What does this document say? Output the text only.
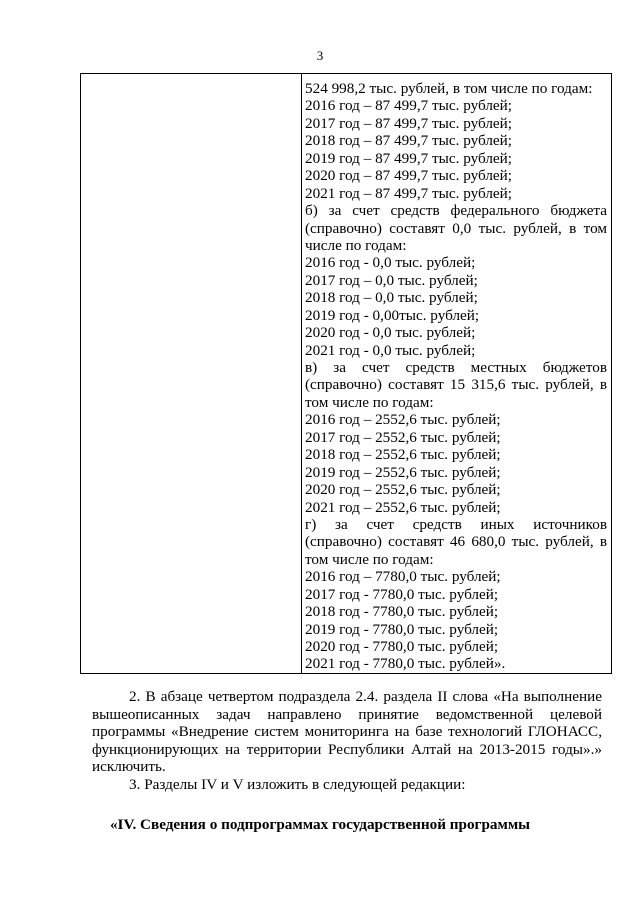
3

524 998,2 тыс. рублей, в том числе по годам:
2016 год – 87 499,7 тыс. рублей;
2017 год – 87 499,7 тыс. рублей;
2018 год – 87 499,7 тыс. рублей;
2019 год – 87 499,7 тыс. рублей;
2020 год – 87 499,7 тыс. рублей;
2021 год – 87 499,7 тыс. рублей;
б) за счет средств федерального бюджета
(справочно) составят 0,0 тыс. рублей, в том
числе по годам:
2016 год - 0,0 тыс. рублей;
2017 год – 0,0 тыс. рублей;
2018 год – 0,0 тыс. рублей;
2019 год - 0,00тыс. рублей;
2020 год - 0,0 тыс. рублей;
2021 год - 0,0 тыс. рублей;
в) за счет средств местных бюджетов
(справочно) составят 15 315,6 тыс. рублей, в
том числе по годам:
2016 год – 2552,6 тыс. рублей;
2017 год – 2552,6 тыс. рублей;
2018 год – 2552,6 тыс. рублей;
2019 год – 2552,6 тыс. рублей;
2020 год – 2552,6 тыс. рублей;
2021 год – 2552,6 тыс. рублей;
г) за счет средств иных источников
(справочно) составят 46 680,0 тыс. рублей, в
том числе по годам:
2016 год – 7780,0 тыс. рублей;
2017 год - 7780,0 тыс. рублей;
2018 год - 7780,0 тыс. рублей;
2019 год - 7780,0 тыс. рублей;
2020 год - 7780,0 тыс. рублей;
2021 год - 7780,0 тыс. рублей».
2. В абзаце четвертом подраздела 2.4. раздела II слова «На выполнение
вышеописанных задач направлено принятие ведомственной целевой
программы «Внедрение систем мониторинга на базе технологий ГЛОНАСС,
функционирующих на территории Республики Алтай на 2013-2015 годы».»
исключить.
3. Разделы IV и V изложить в следующей редакции:
«IV. Сведения о подпрограммах государственной программы
